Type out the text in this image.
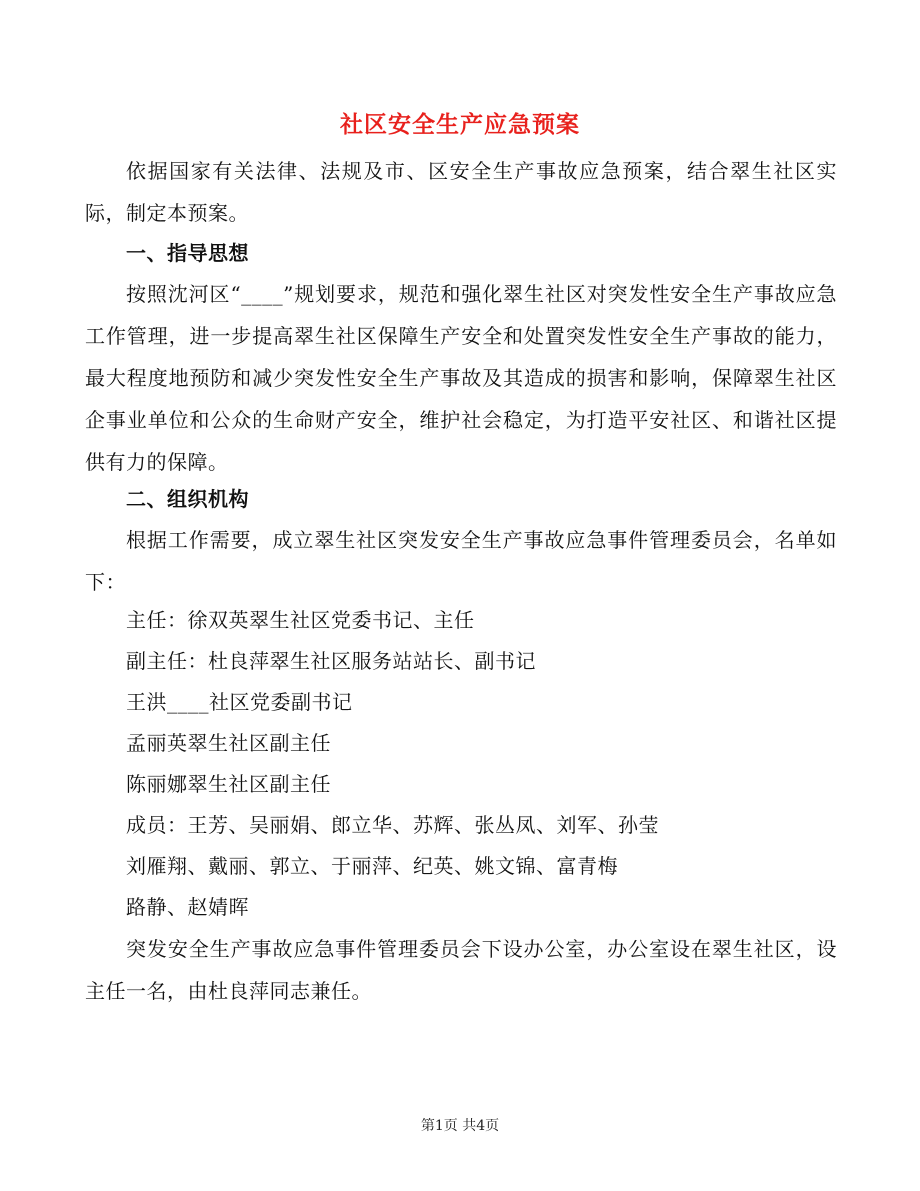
社区安全生产应急预案

依据国家有关法律、法规及市、区安全生产事故应急预案，结合翠生社区实际，制定本预案。

一、指导思想

按照沈河区“____”规划要求，规范和强化翠生社区对突发性安全生产事故应急工作管理，进一步提高翠生社区保障生产安全和处置突发性安全生产事故的能力，最大程度地预防和减少突发性安全生产事故及其造成的损害和影响，保障翠生社区企事业单位和公众的生命财产安全，维护社会稳定，为打造平安社区、和谐社区提供有力的保障。

二、组织机构

根据工作需要，成立翠生社区突发安全生产事故应急事件管理委员会，名单如下：

主任：徐双英翠生社区党委书记、主任

副主任：杜良萍翠生社区服务站站长、副书记

王洪____社区党委副书记

孟丽英翠生社区副主任

陈丽娜翠生社区副主任

成员：王芳、吴丽娟、郎立华、苏辉、张丛凤、刘军、孙莹

刘雁翔、戴丽、郭立、于丽萍、纪英、姚文锦、富青梅

路静、赵婧晖

突发安全生产事故应急事件管理委员会下设办公室，办公室设在翠生社区，设主任一名，由杜良萍同志兼任。

第1页 共4页
